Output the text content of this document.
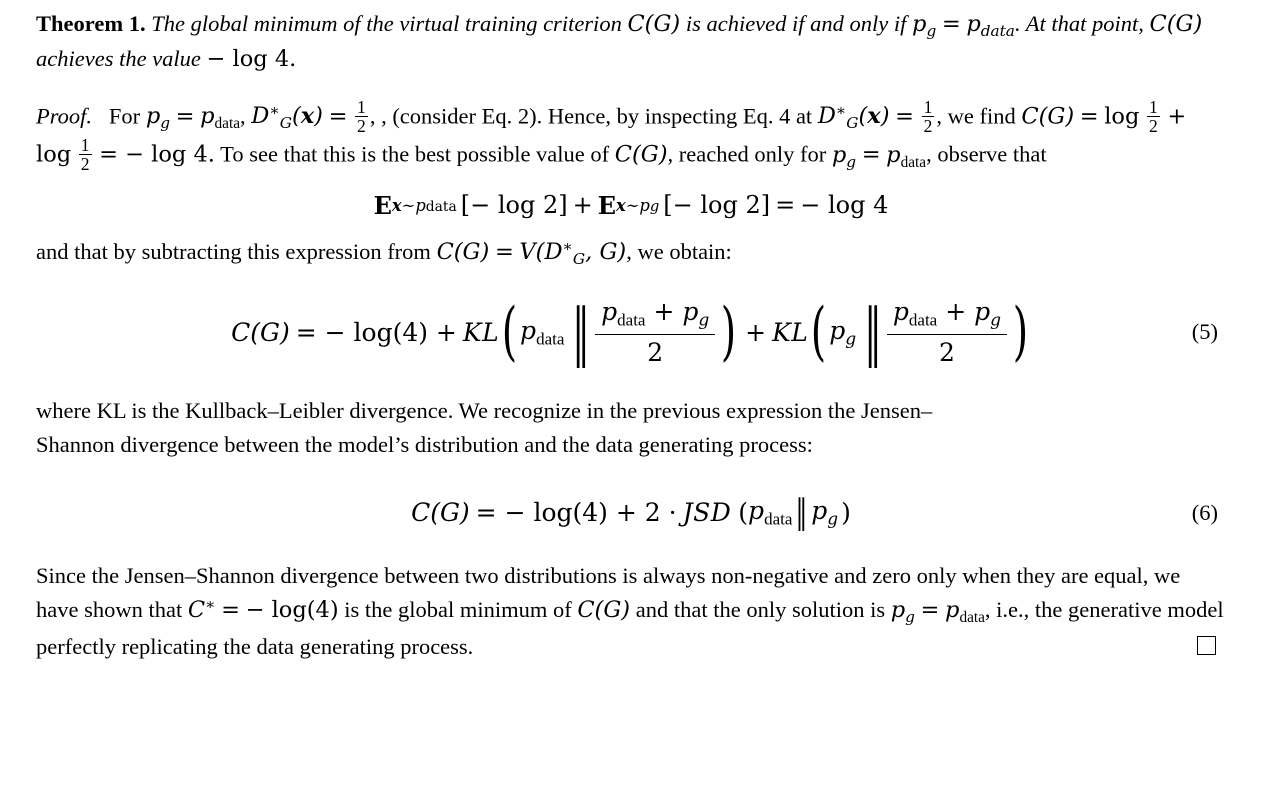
Theorem 1. The global minimum of the virtual training criterion C(G) is achieved if and only if $p_g = p_{data}$. At that point, C(G) achieves the value − log 4.
Proof. For $p_g = p_{data}$, $D^∗_G(x) = \frac{1}{2}$ , , (consider Eq. 2). Hence, by inspecting Eq. 4 at $D^∗_G(x) = \frac{1}{2}$ , we find $C(G) = \log \frac{1}{2} + \log \frac{1}{2}$ = − log 4. To see that this is the best possible value of C(G), reached only for $p_g = p_{data}$, observe that
E x∼pdata [− log 2] + E x∼pg [− log 2] = − log 4
and that by subtracting this expression from $C(G) = V(D^∗_G$, G), we obtain:
C(G) = − log(4) + KL ( $p_{data}$ ‖ $\frac{p_{data} + p_g}{2}$ ) + KL ( $p_g$ ‖ $\frac{p_{data} + p_g}{2}$ )	(5)
where KL is the Kullback–Leibler divergence. We recognize in the previous expression the Jensen–
Shannon divergence between the model’s distribution and the data generating process:
C(G) = − log(4) + 2 · JSD ( $p_{data}$ ‖ $p_g$ )	(6)
Since the Jensen–Shannon divergence between two distributions is always non-negative and zero only when they are equal, we have shown that C∗ = − log(4) is the global minimum of C(G) and that the only solution is $p_g = p_{data}$, i.e., the generative model perfectly replicating the data generating process.
